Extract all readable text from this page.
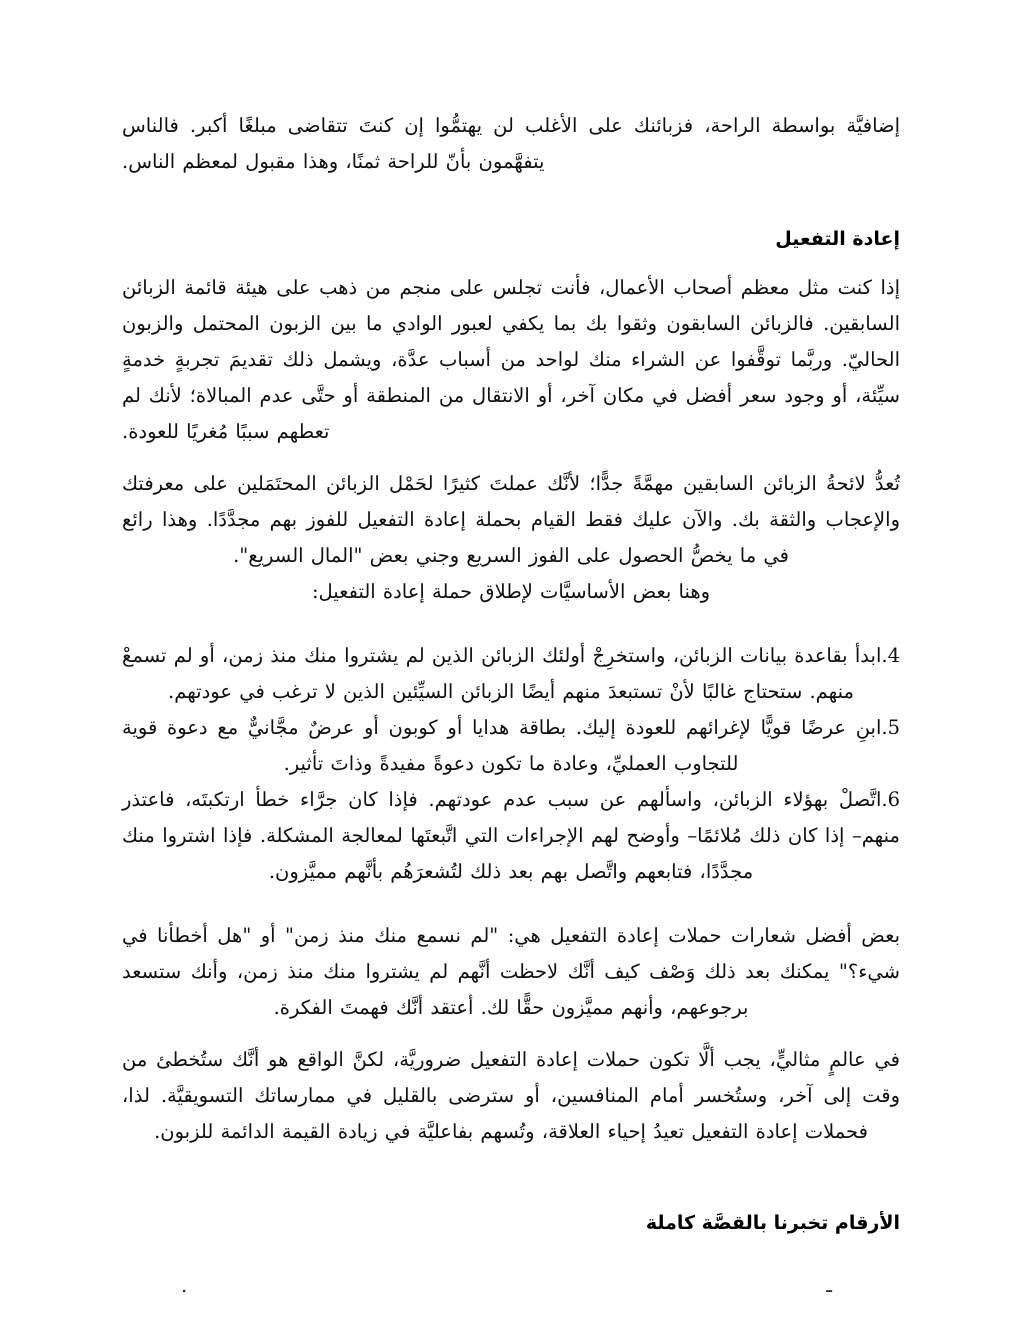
إضافيَّة بواسطة الراحة، فزبائنك على الأغلب لن يهتمُّوا إن كنتَ تتقاضى مبلغًا أكبر. فالناس يتفهَّمون بأنّ للراحة ثمنًا، وهذا مقبول لمعظم الناس.

إعادة التفعيل

إذا كنت مثل معظم أصحاب الأعمال، فأنت تجلس على منجم من ذهب على هيئة قائمة الزبائن السابقين. فالزبائن السابقون وثقوا بك بما يكفي لعبور الوادي ما بين الزبون المحتمل والزبون الحاليّ. وربَّما توقَّفوا عن الشراء منك لواحد من أسباب عدَّة، ويشمل ذلك تقديمَ تجربةٍ خدمةٍ سيِّئة، أو وجود سعر أفضل في مكان آخر، أو الانتقال من المنطقة أو حتَّى عدم المبالاة؛ لأنك لم تعطهم سببًا مُغريًا للعودة.

تُعدُّ لائحةُ الزبائن السابقين مهمَّةً جدًّا؛ لأنَّك عملتَ كثيرًا لحَمْل الزبائن المحتَمَلين على معرفتك والإعجاب والثقة بك. والآن عليك فقط القيام بحملة إعادة التفعيل للفوز بهم مجدَّدًا. وهذا رائع في ما يخصُّ الحصول على الفوز السريع وجني بعض "المال السريع".

وهنا بعض الأساسيَّات لإطلاق حملة إعادة التفعيل:

.4ابدأ بقاعدة بيانات الزبائن، واستخرِجْ أولئك الزبائن الذين لم يشتروا منك منذ زمن، أو لم تسمعْ منهم. ستحتاج غالبًا لأنْ تستبعدَ منهم أيضًا الزبائن السيِّئين الذين لا ترغب في عودتهم.
.5ابنِ عرضًا قويًّا لإغرائهم للعودة إليك. بطاقة هدايا أو كوبون أو عرضٌ مجَّانيٌّ مع دعوة قوية للتجاوب العمليِّ، وعادة ما تكون دعوةً مفيدةً وذاتَ تأثير.
.6اتَّصلْ بهؤلاء الزبائن، واسألهم عن سبب عدم عودتهم. فإذا كان جرَّاء خطأ ارتكبتَه، فاعتذر منهم– إذا كان ذلك مُلائمًا– وأوضح لهم الإجراءات التي اتَّبعتَها لمعالجة المشكلة. فإذا اشتروا منك مجدَّدًا، فتابعهم واتَّصل بهم بعد ذلك لتُشعرَهُم بأنَّهم مميَّزون.

بعض أفضل شعارات حملات إعادة التفعيل هي: "لم نسمع منك منذ زمن" أو "هل أخطأنا في شيء؟" يمكنك بعد ذلك وَصْف كيف أنَّك لاحظت أنَّهم لم يشتروا منك منذ زمن، وأنك ستسعد برجوعهم، وأنهم مميَّزون حقًّا لك. أعتقد أنَّك فهمتَ الفكرة.

في عالمٍ مثاليٍّ، يجب ألَّا تكون حملات إعادة التفعيل ضروريَّة، لكنَّ الواقع هو أنَّك ستُخطئ من وقت إلى آخر، وستُخسر أمام المنافسين، أو سترضى بالقليل في ممارساتك التسويقيَّة. لذا، فحملات إعادة التفعيل تعيدُ إحياء العلاقة، وتُسهم بفاعليَّة في زيادة القيمة الدائمة للزبون.

الأرقام تخبرنا بالقصَّة كاملة
ـ
.
